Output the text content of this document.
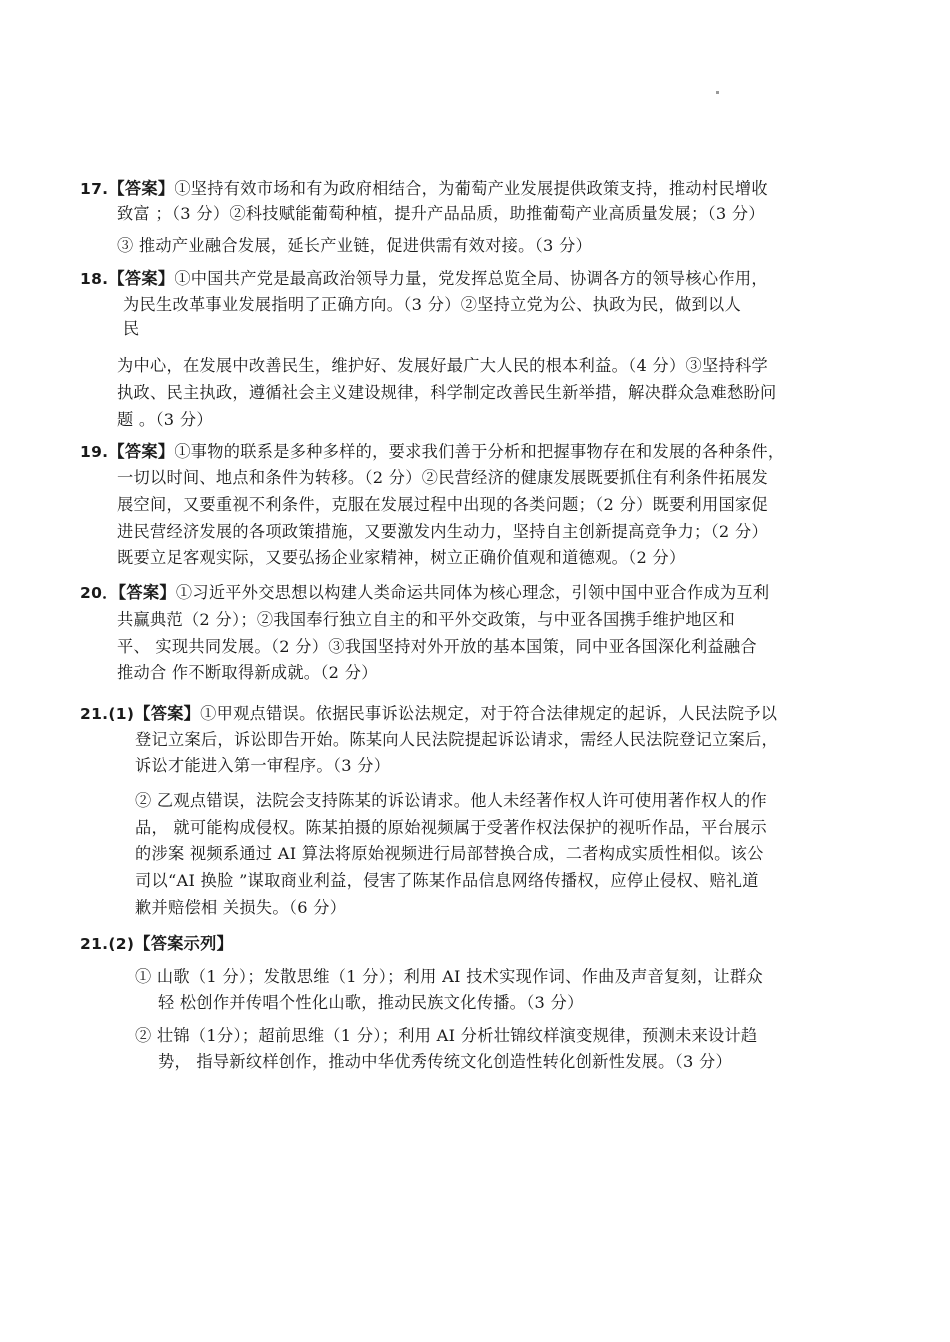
17.【答案】①坚持有效市场和有为政府相结合，为葡萄产业发展提供政策支持，推动村民增收
致富 ；（3 分）②科技赋能葡萄种植，提升产品品质，助推葡萄产业高质量发展；（3 分）
③ 推动产业融合发展，延长产业链，促进供需有效对接。（3 分）
18.【答案】①中国共产党是最高政治领导力量，党发挥总览全局、协调各方的领导核心作用，
为民生改革事业发展指明了正确方向。（3 分）②坚持立党为公、执政为民，做到以人
民
为中心，在发展中改善民生，维护好、发展好最广大人民的根本利益。（4 分）③坚持科学
执政、民主执政，遵循社会主义建设规律，科学制定改善民生新举措，解决群众急难愁盼问
题 。（3 分）
19.【答案】①事物的联系是多种多样的，要求我们善于分析和把握事物存在和发展的各种条件，
一切以时间、地点和条件为转移。（2 分）②民营经济的健康发展既要抓住有利条件拓展发
展空间，又要重视不利条件，克服在发展过程中出现的各类问题；（2 分）既要利用国家促
进民营经济发展的各项政策措施，又要激发内生动力，坚持自主创新提高竞争力；（2 分）
既要立足客观实际，又要弘扬企业家精神，树立正确价值观和道德观。（2 分）
20．【答案】①习近平外交思想以构建人类命运共同体为核心理念，引领中国中亚合作成为互利
共赢典范（2 分）；②我国奉行独立自主的和平外交政策，与中亚各国携手维护地区和
平、 实现共同发展。（2 分）③我国坚持对外开放的基本国策，同中亚各国深化利益融合
推动合 作不断取得新成就。（2 分）
21.(1)【答案】①甲观点错误。依据民事诉讼法规定，对于符合法律规定的起诉，人民法院予以
登记立案后，诉讼即告开始。陈某向人民法院提起诉讼请求，需经人民法院登记立案后，
诉讼才能进入第一审程序。（3 分）
② 乙观点错误，法院会支持陈某的诉讼请求。他人未经著作权人许可使用著作权人的作
品， 就可能构成侵权。陈某拍摄的原始视频属于受著作权法保护的视听作品，平台展示
的涉案 视频系通过 AI 算法将原始视频进行局部替换合成，二者构成实质性相似。该公
司以“AI 换脸 ”谋取商业利益，侵害了陈某作品信息网络传播权，应停止侵权、赔礼道
歉并赔偿相 关损失。（6 分）
21.(2)【答案示列】
① 山歌（1 分）；发散思维（1 分）；利用 AI 技术实现作词、作曲及声音复刻，让群众
轻 松创作并传唱个性化山歌，推动民族文化传播。（3 分）
② 壮锦（1分）；超前思维（1 分）；利用 AI 分析壮锦纹样演变规律，预测未来设计趋
势， 指导新纹样创作，推动中华优秀传统文化创造性转化创新性发展。（3 分）
